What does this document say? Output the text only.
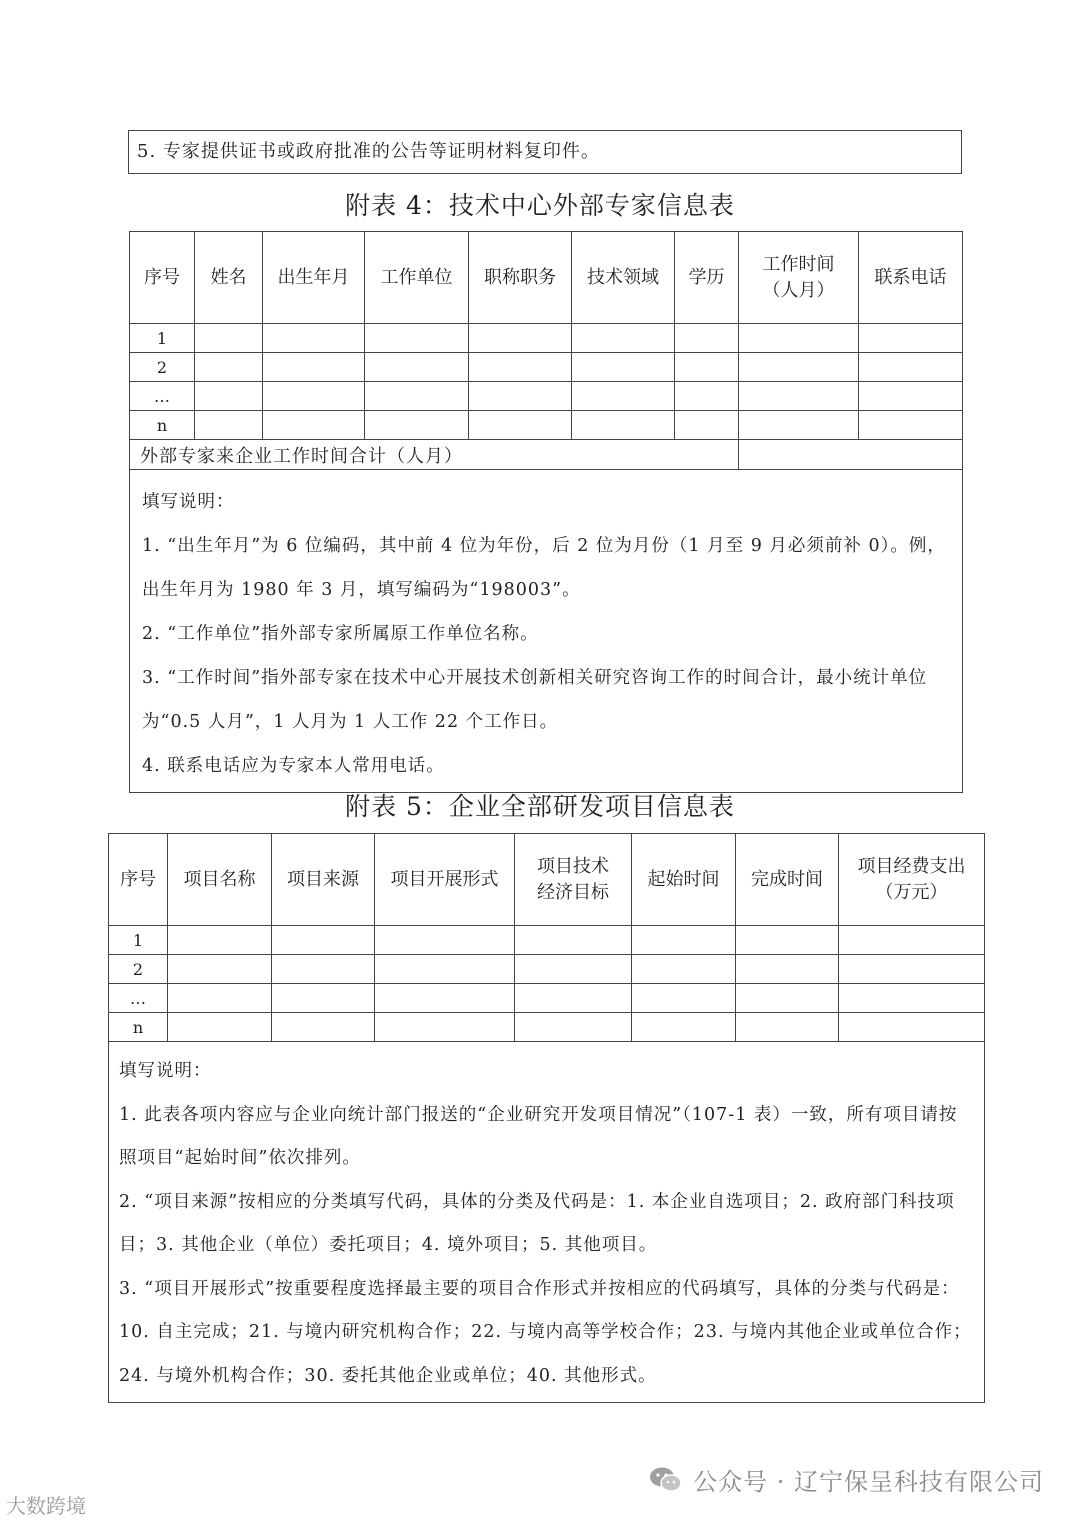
5. 专家提供证书或政府批准的公告等证明材料复印件。
附表 4：技术中心外部专家信息表
序号	姓名	出生年月	工作单位	职称职务	技术领域	学历	工作时间
（人月）	联系电话
1								
2								
…								
n								
外部专家来企业工作时间合计（人月）								

填写说明：

1. “出生年月”为 6 位编码，其中前 4 位为年份，后 2 位为月份（1 月至 9 月必须前补 0）。例，出生年月为 1980 年 3 月，填写编码为“198003”。

2. “工作单位”指外部专家所属原工作单位名称。

3. “工作时间”指外部专家在技术中心开展技术创新相关研究咨询工作的时间合计，最小统计单位为“0.5 人月”，1 人月为 1 人工作 22 个工作日。

4. 联系电话应为专家本人常用电话。								

附表 5：企业全部研发项目信息表
序号	项目名称	项目来源	项目开展形式	项目技术
经济目标	起始时间	完成时间	项目经费支出
（万元）
1							
2							
…							
n							

填写说明：

1. 此表各项内容应与企业向统计部门报送的“企业研究开发项目情况”（107-1 表）一致，所有项目请按照项目“起始时间”依次排列。

2. “项目来源”按相应的分类填写代码，具体的分类及代码是：1. 本企业自选项目；2. 政府部门科技项目；3. 其他企业（单位）委托项目；4. 境外项目；5. 其他项目。

3. “项目开展形式”按重要程度选择最主要的项目合作形式并按相应的代码填写，具体的分类与代码是：10. 自主完成；21. 与境内研究机构合作；22. 与境内高等学校合作；23. 与境内其他企业或单位合作；24. 与境外机构合作；30. 委托其他企业或单位；40. 其他形式。							

大数跨境
公众号 · 辽宁保呈科技有限公司
